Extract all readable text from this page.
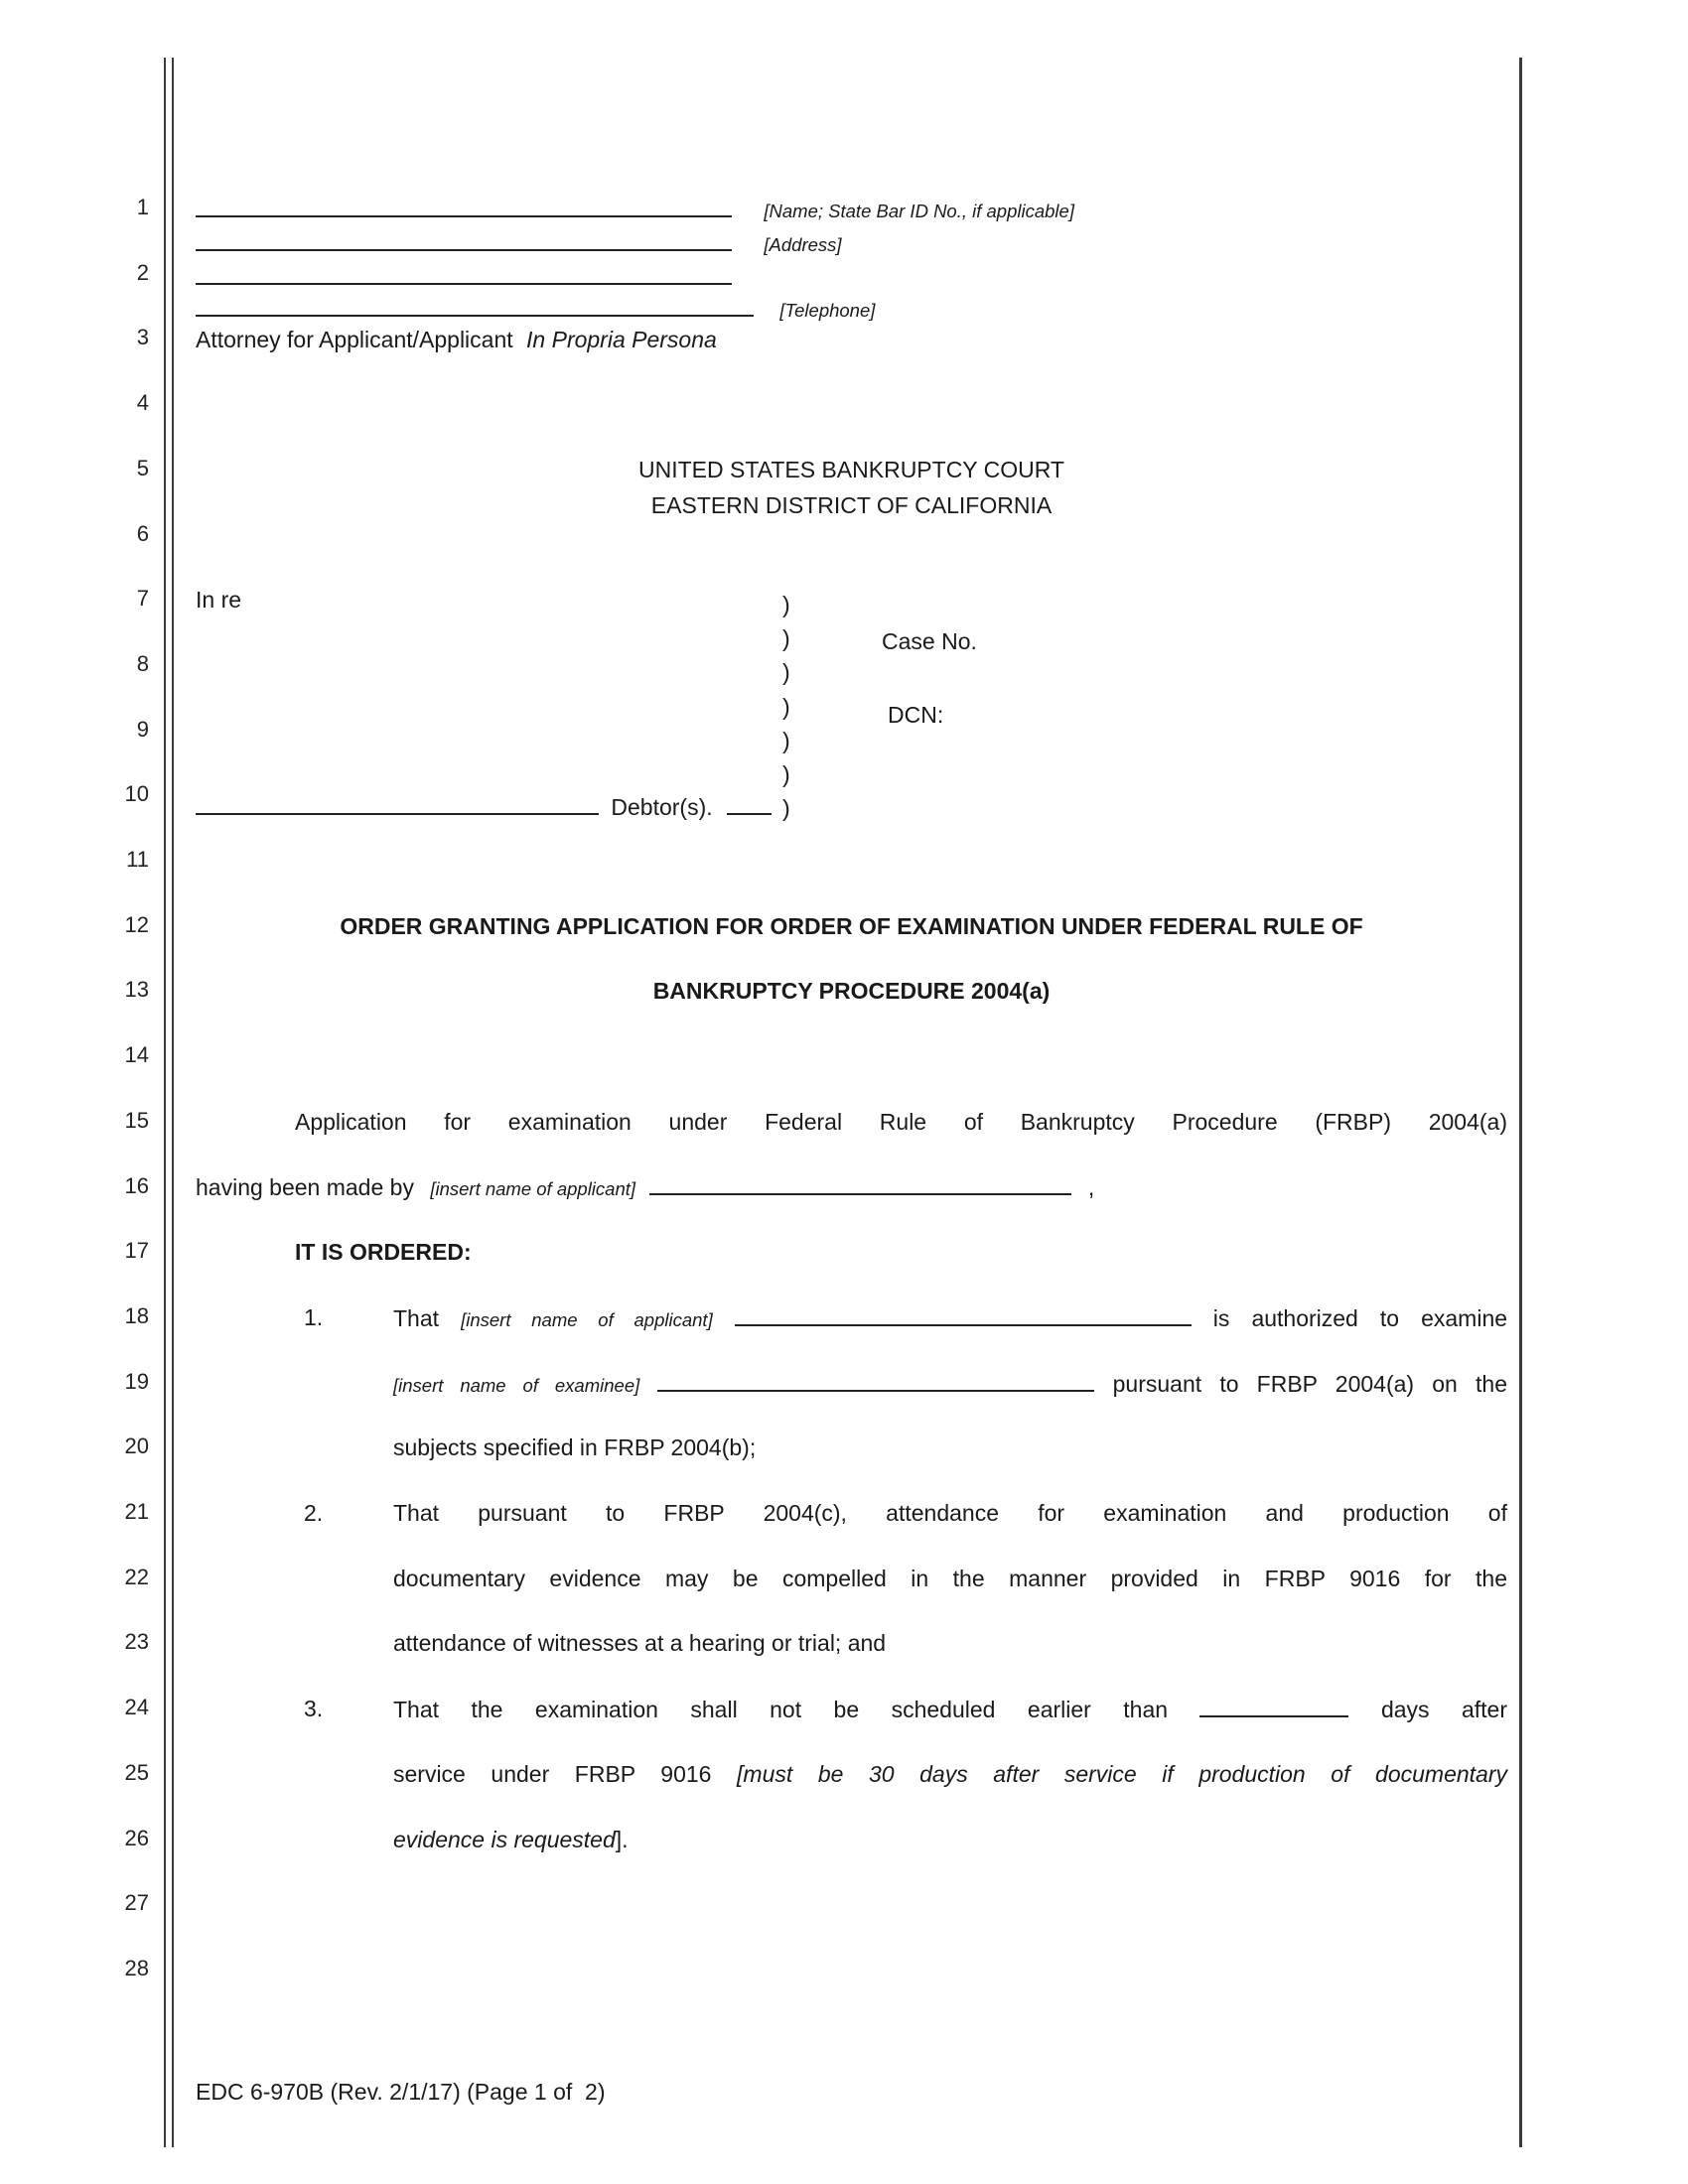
1
2
3
4
5
6
7
8
9
10
11
12
13
14
15
16
17
18
19
20
21
22
23
24
25
26
27
28
[Name; State Bar ID No., if applicable]
[Address]
[Telephone]
Attorney for Applicant/Applicant In Propria Persona
UNITED STATES BANKRUPTCY COURT
EASTERN DISTRICT OF CALIFORNIA
In re	)
)
)
)
)
)
)
Case No.
DCN:
Debtor(s).
ORDER GRANTING APPLICATION FOR ORDER OF EXAMINATION UNDER FEDERAL RULE OF
BANKRUPTCY PROCEDURE 2004(a)
Application for examination under Federal Rule of Bankruptcy Procedure (FRBP) 2004(a)
having been made by [insert name of applicant]	,
IT IS ORDERED:
1.	That [insert name of applicant]	is authorized to examine
[insert name of examinee]	pursuant to FRBP 2004(a) on the
subjects specified in FRBP 2004(b);
2.	That pursuant to FRBP 2004(c), attendance for examination and production of
documentary evidence may be compelled in the manner provided in FRBP 9016 for the
attendance of witnesses at a hearing or trial; and
3.	That the examination shall not be scheduled earlier than	days after
service under FRBP 9016 [must be 30 days after service if production of documentary
evidence is requested].
EDC 6-970B (Rev. 2/1/17) (Page 1 of  2)
